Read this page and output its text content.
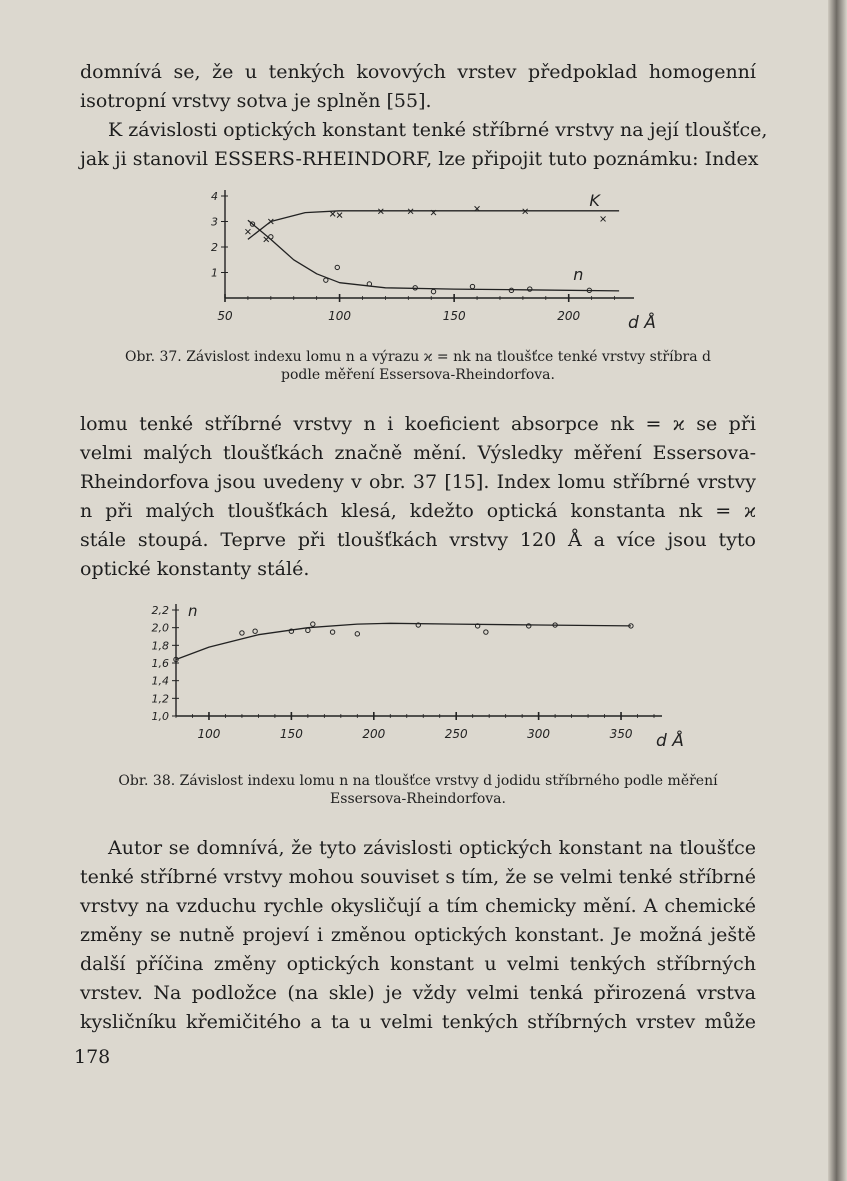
domnívá se, že u tenkých kovových vrstev předpoklad homogenní
isotropní vrstvy sotva je splněn [55].
K závislosti optických konstant tenké stříbrné vrstvy na její tloušťce,
jak ji stanovil ESSERS-RHEINDORF, lze připojit tuto poznámku: Index

50	100	150	200
1
2
3
4
d Å
K
n

Obr. 37. Závislost indexu lomu n a výrazu ϰ = nk na tloušťce tenké vrstvy stříbra d
podle měření Essersova-Rheindorfova.

lomu tenké stříbrné vrstvy n i koeficient absorpce nk = ϰ se při
velmi malých tloušťkách značně mění. Výsledky měření Essersova-
Rheindorfova jsou uvedeny v obr. 37 [15]. Index lomu stříbrné vrstvy
n při malých tloušťkách klesá, kdežto optická konstanta nk = ϰ
stále stoupá. Teprve při tloušťkách vrstvy 120 Å a více jsou tyto
optické konstanty stálé.

100	150	200	250	300	350
1,0
1,2
1,4
1,6
1,8
2,0
2,2
d Å
n

Obr. 38. Závislost indexu lomu n na tloušťce vrstvy d jodidu stříbrného podle měření
Essersova-Rheindorfova.

Autor se domnívá, že tyto závislosti optických konstant na tloušťce
tenké stříbrné vrstvy mohou souviset s tím, že se velmi tenké stříbrné
vrstvy na vzduchu rychle okysličují a tím chemicky mění. A chemické
změny se nutně projeví i změnou optických konstant. Je možná ještě
další příčina změny optických konstant u velmi tenkých stříbrných
vrstev. Na podložce (na skle) je vždy velmi tenká přirozená vrstva
kysličníku křemičitého a ta u velmi tenkých stříbrných vrstev může

178
